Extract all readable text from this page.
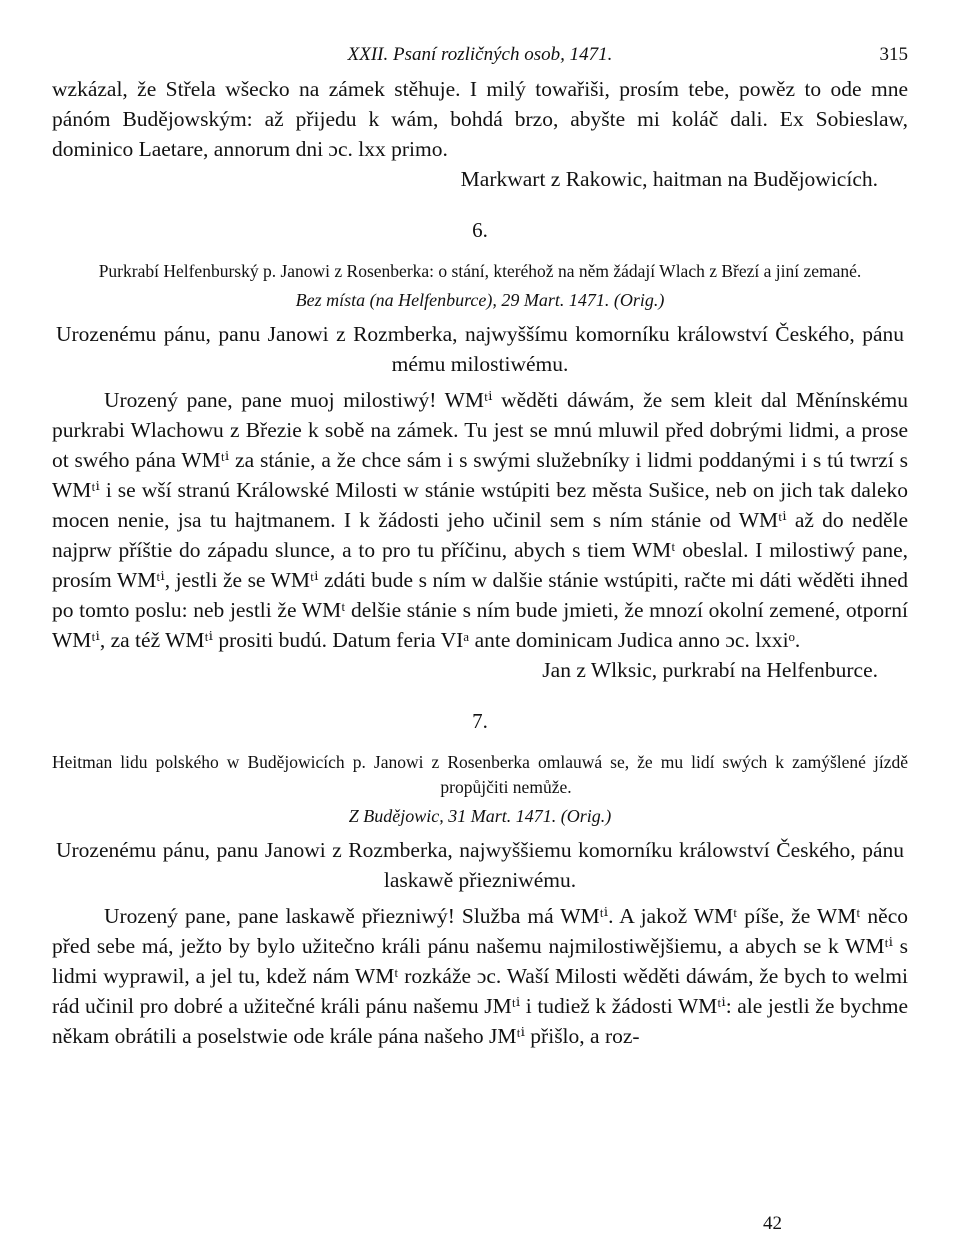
XXII. Psaní rozličných osob, 1471.	315

wzkázal, že Střela wšecko na zámek stěhuje. I milý towařiši, prosím tebe, powěz to ode mne pánóm Budějowským: až přijedu k wám, bohdá brzo, abyšte mi koláč dali. Ex Sobieslaw, dominico Laetare, annorum dni ɔc. lxx primo.

Markwart z Rakowic, haitman na Budějowicích.

6.

Purkrabí Helfenburský p. Janowi z Rosenberka: o stání, kteréhož na něm žádají Wlach z Březí a jiní zemané.

Bez místa (na Helfenburce), 29 Mart. 1471. (Orig.)

Urozenému pánu, panu Janowi z Rozmberka, najwyššímu komorníku králowství Českého, pánu mému milostiwému.

Urozený pane, pane muoj milostiwý! WMᵗⁱ wěděti dáwám, že sem kleit dal Měnínskému purkrabi Wlachowu z Březie k sobě na zámek. Tu jest se mnú mluwil před dobrými lidmi, a prose ot swého pána WMᵗⁱ za stánie, a že chce sám i s swými služebníky i lidmi poddanými i s tú twrzí s WMᵗⁱ i se wší stranú Králowské Milosti w stánie wstúpiti bez města Sušice, neb on jich tak daleko mocen nenie, jsa tu hajtmanem. I k žádosti jeho učinil sem s ním stánie od WMᵗⁱ až do neděle najprw příštie do západu slunce, a to pro tu příčinu, abych s tiem WMᵗ obeslal. I milostiwý pane, prosím WMᵗⁱ, jestli že se WMᵗⁱ zdáti bude s ním w dalšie stánie wstúpiti, račte mi dáti wěděti ihned po tomto poslu: neb jestli že WMᵗ delšie stánie s ním bude jmieti, že mnozí okolní zemené, otporní WMᵗⁱ, za též WMᵗⁱ prositi budú. Datum feria VIᵃ ante dominicam Judica anno ɔc. lxxiᵒ.

Jan z Wlksic, purkrabí na Helfenburce.

7.

Heitman lidu polského w Budějowicích p. Janowi z Rosenberka omlauwá se, že mu lidí swých k zamýšlené jízdě propůjčiti nemůže.

Z Budějowic, 31 Mart. 1471. (Orig.)

Urozenému pánu, panu Janowi z Rozmberka, najwyššiemu komorníku králowství Českého, pánu laskawě přiezniwému.

Urozený pane, pane laskawě přiezniwý! Služba má WMᵗⁱ. A jakož WMᵗ píše, že WMᵗ něco před sebe má, ježto by bylo užitečno králi pánu našemu najmilostiwějšiemu, a abych se k WMᵗⁱ s lidmi wyprawil, a jel tu, kdež nám WMᵗ rozkáže ɔc. Waší Milosti wěděti dáwám, že bych to welmi rád učinil pro dobré a užitečné králi pánu našemu JMᵗⁱ i tudiež k žádosti WMᵗⁱ: ale jestli že bychme někam obrátili a poselstwie ode krále pána našeho JMᵗⁱ přišlo, a roz-

42
